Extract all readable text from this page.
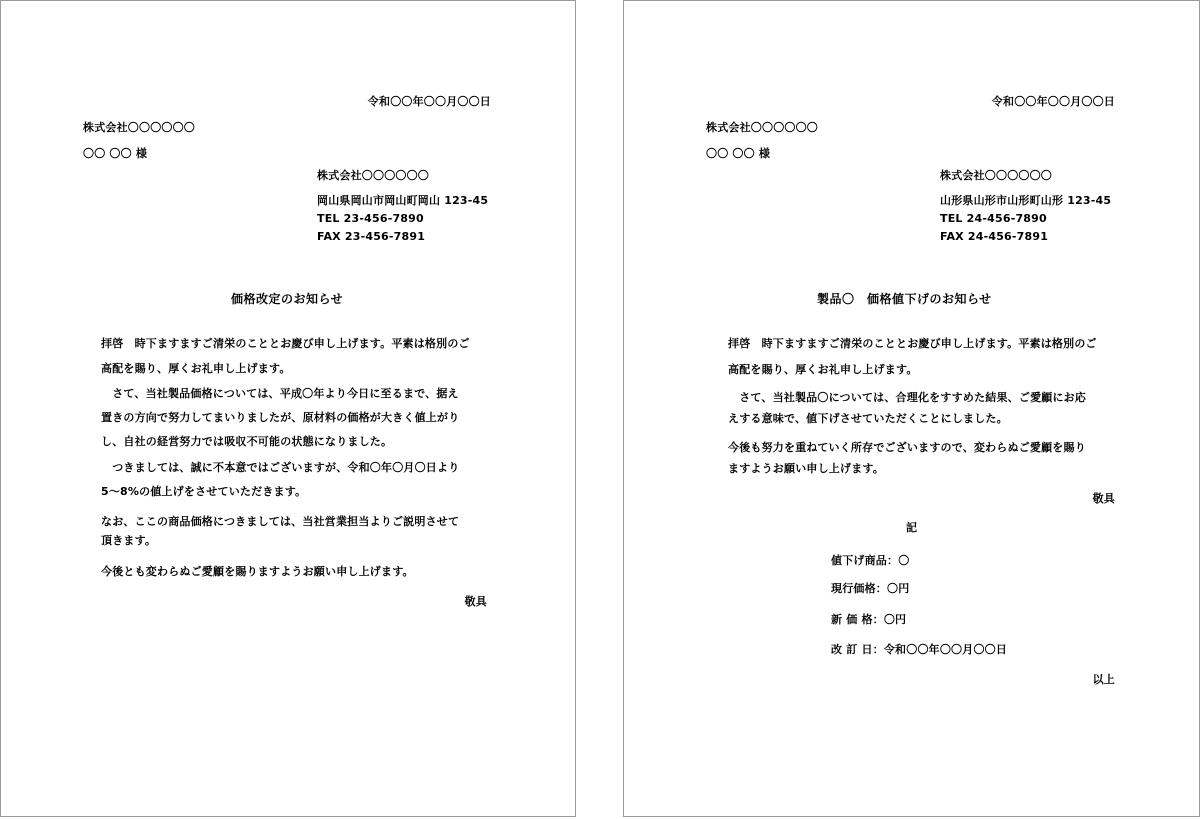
令和〇〇年〇〇月〇〇日
株式会社〇〇〇〇〇〇
〇〇 〇〇 様
株式会社〇〇〇〇〇〇
岡山県岡山市岡山町岡山 123-45
TEL 23-456-7890
FAX 23-456-7891
価格改定のお知らせ
拝啓　時下ますますご清栄のこととお慶び申し上げます。平素は格別のご
高配を賜り、厚くお礼申し上げます。
　さて、当社製品価格については、平成〇年より今日に至るまで、据え
置きの方向で努力してまいりましたが、原材料の価格が大きく値上がり
し、自社の経営努力では吸収不可能の状態になりました。
　つきましては、誠に不本意ではございますが、令和〇年〇月〇日より
5～8%の値上げをさせていただきます。
なお、ここの商品価格につきましては、当社営業担当よりご説明させて
頂きます。
今後とも変わらぬご愛顧を賜りますようお願い申し上げます。
敬具
令和〇〇年〇〇月〇〇日
株式会社〇〇〇〇〇〇
〇〇 〇〇 様
株式会社〇〇〇〇〇〇
山形県山形市山形町山形 123-45
TEL 24-456-7890
FAX 24-456-7891
製品〇　価格値下げのお知らせ
拝啓　時下ますますご清栄のこととお慶び申し上げます。平素は格別のご
高配を賜り、厚くお礼申し上げます。
　さて、当社製品〇については、合理化をすすめた結果、ご愛顧にお応
えする意味で、値下げさせていただくことにしました。
今後も努力を重ねていく所存でございますので、変わらぬご愛顧を賜り
ますようお願い申し上げます。
敬具
記
値下げ商品：〇
現行価格：〇円
新 価 格：〇円
改 訂 日：令和〇〇年〇〇月〇〇日
以上
